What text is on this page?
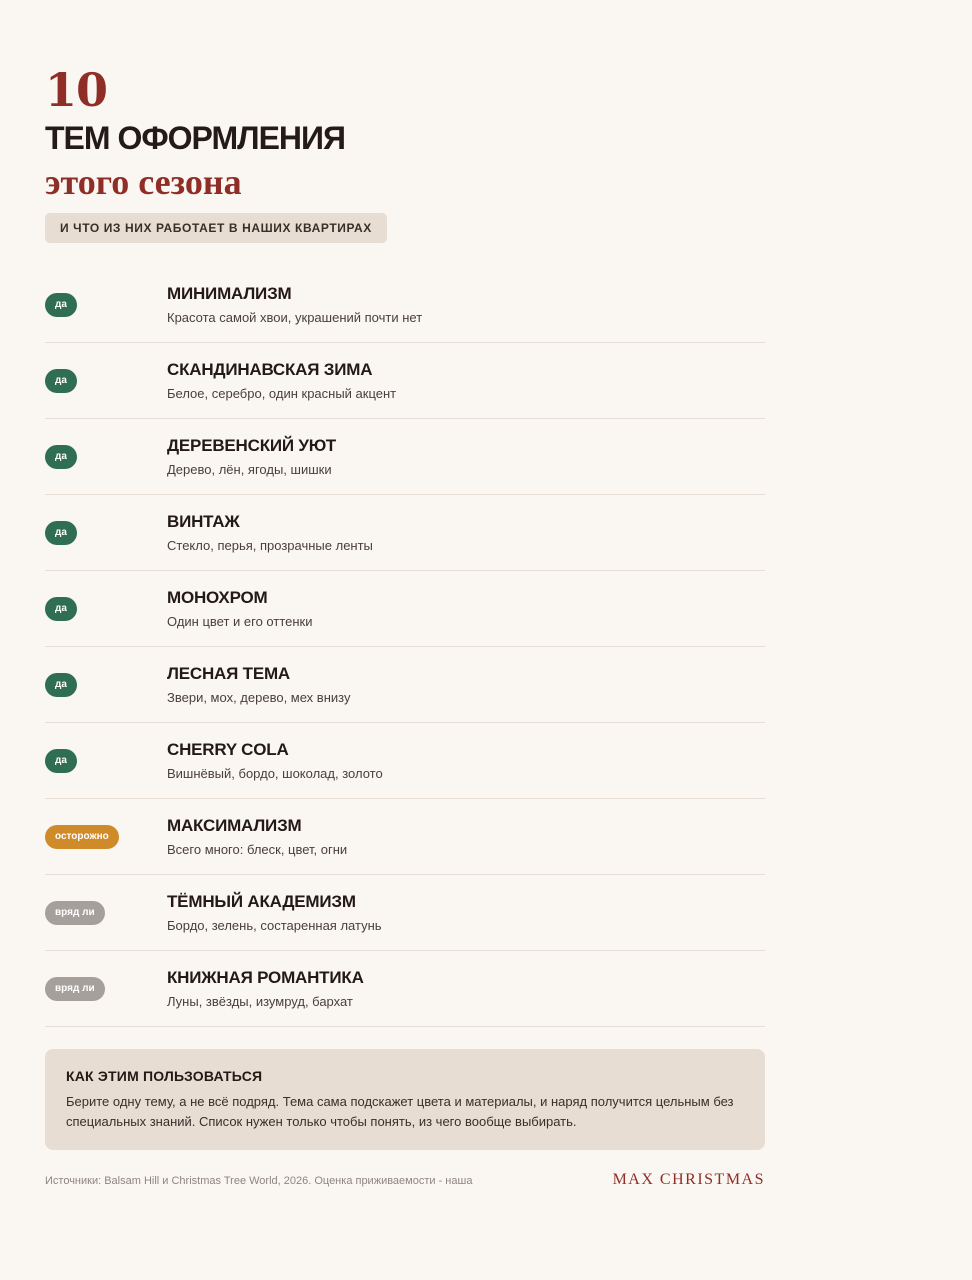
10
ТЕМ ОФОРМЛЕНИЯ
этого сезона
И ЧТО ИЗ НИХ РАБОТАЕТ В НАШИХ КВАРТИРАХ
да
МИНИМАЛИЗМ
Красота самой хвои, украшений почти нет
да
СКАНДИНАВСКАЯ ЗИМА
Белое, серебро, один красный акцент
да
ДЕРЕВЕНСКИЙ УЮТ
Дерево, лён, ягоды, шишки
да
ВИНТАЖ
Стекло, перья, прозрачные ленты
да
МОНОХРОМ
Один цвет и его оттенки
да
ЛЕСНАЯ ТЕМА
Звери, мох, дерево, мех внизу
да
CHERRY COLA
Вишнёвый, бордо, шоколад, золото
осторожно
МАКСИМАЛИЗМ
Всего много: блеск, цвет, огни
вряд ли
ТЁМНЫЙ АКАДЕМИЗМ
Бордо, зелень, состаренная латунь
вряд ли
КНИЖНАЯ РОМАНТИКА
Луны, звёзды, изумруд, бархат
КАК ЭТИМ ПОЛЬЗОВАТЬСЯ
Берите одну тему, а не всё подряд. Тема сама подскажет цвета и материалы, и наряд получится цельным без специальных знаний. Список нужен только чтобы понять, из чего вообще выбирать.
Источники: Balsam Hill и Christmas Tree World, 2026. Оценка приживаемости - наша	MAX CHRISTMAS
